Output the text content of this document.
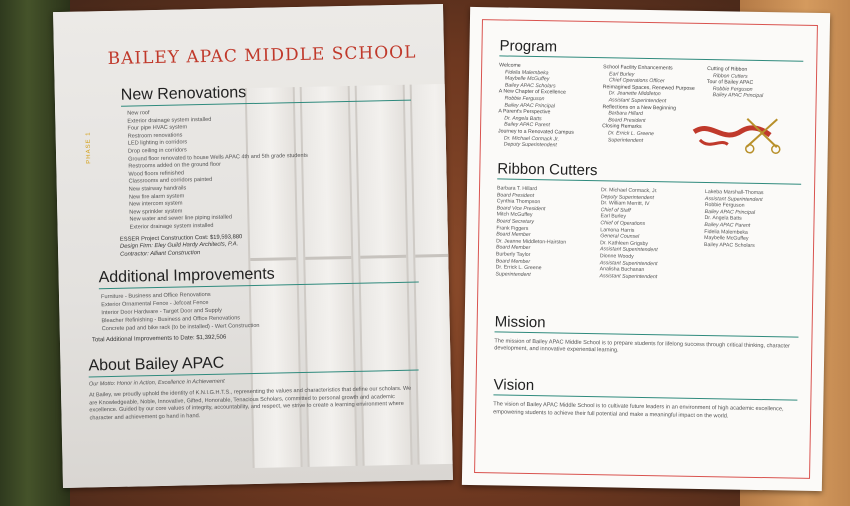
PHASE 1
BAILEY APAC MIDDLE SCHOOL
New Renovations
New roof
Exterior drainage system installed
Four pipe HVAC system
Restroom renovations
LED lighting in corridors
Drop ceiling in corridors
Ground floor renovated to house Wells APAC 4th and 5th grade students
Restrooms added on the ground floor
Wood floors refinished
Classrooms and corridors painted
New stairway handrails
New fire alarm system
New intercom system
New sprinkler system
New water and sewer line piping installed
Exterior drainage system installed
ESSER Project Construction Cost: $19,593,880
Design Firm: Eley Guild Hardy Architects, P.A.
Contractor: Alliant Construction
Additional Improvements
Furniture - Business and Office Renovations
Exterior Ornamental Fence - Jefcoat Fence
Interior Door Hardware - Target Door and Supply
Bleacher Refinishing - Business and Office Renovations
Concrete pad and bike rack (to be installed) - Wert Construction
Total Additional Improvements to Date: $1,392,506
About Bailey APAC
Our Motto: Honor in Action, Excellence in Achievement
At Bailey, we proudly uphold the identity of K.N.I.G.H.T.S., representing the values and characteristics that define our scholars. We are Knowledgeable, Noble, Innovative, Gifted, Honorable, Tenacious Scholars, committed to personal growth and academic excellence. Guided by our core values of integrity, accountability, and respect, we strive to create a learning environment where character and achievement go hand in hand.
Program
Welcome
Fidelia Malembeka
Maybelle McGuffey
Bailey APAC Scholars
A New Chapter of Excellence
Robbie Ferguson
Bailey APAC Principal
A Parent's Perspective
Dr. Angela Batts
Bailey APAC Parent
Journey to a Renovated Campus
Dr. Michael Cormack Jr.
Deputy Superintendent
School Facility Enhancements
Earl Burley
Chief Operations Officer
Reimagined Spaces, Renewed Purpose
Dr. Jeanette Middleton
Assistant Superintendent
Reflections on a New Beginning
Barbara Hillard
Board President
Closing Remarks
Dr. Errick L. Greene
Superintendent
Cutting of Ribbon
Ribbon Cutters
Tour of Bailey APAC
Robbie Ferguson
Bailey APAC Principal
Ribbon Cutters
Barbara T. Hillard
Board President
Cynthia Thompson
Board Vice President
Mitch McGuffey
Board Secretary
Frank Figgers
Board Member
Dr. Jeanne Middleton-Hairston
Board Member
Burberly Taylor
Board Member
Dr. Errick L. Greene
Superintendent
Dr. Michael Cormack, Jr.
Deputy Superintendent
Dr. William Merritt, IV
Chief of Staff
Earl Burley
Chief of Operations
Lamona Harris
General Counsel
Dr. Kathleen Grigsby
Assistant Superintendent
Dionne Woody
Assistant Superintendent
Analisha Buchanan
Assistant Superintendent
Lakeba Marshall-Thomas
Assistant Superintendent
Robbie Ferguson
Bailey APAC Principal
Dr. Angela Batts
Bailey APAC Parent
Fidelia Malembeka
Maybelle McGuffey
Bailey APAC Scholars
Mission
The mission of Bailey APAC Middle School is to prepare students for lifelong success through critical thinking, character development, and innovative experiential learning.
Vision
The vision of Bailey APAC Middle School is to cultivate future leaders in an environment of high academic excellence, empowering students to achieve their full potential and make a meaningful impact on the world.
